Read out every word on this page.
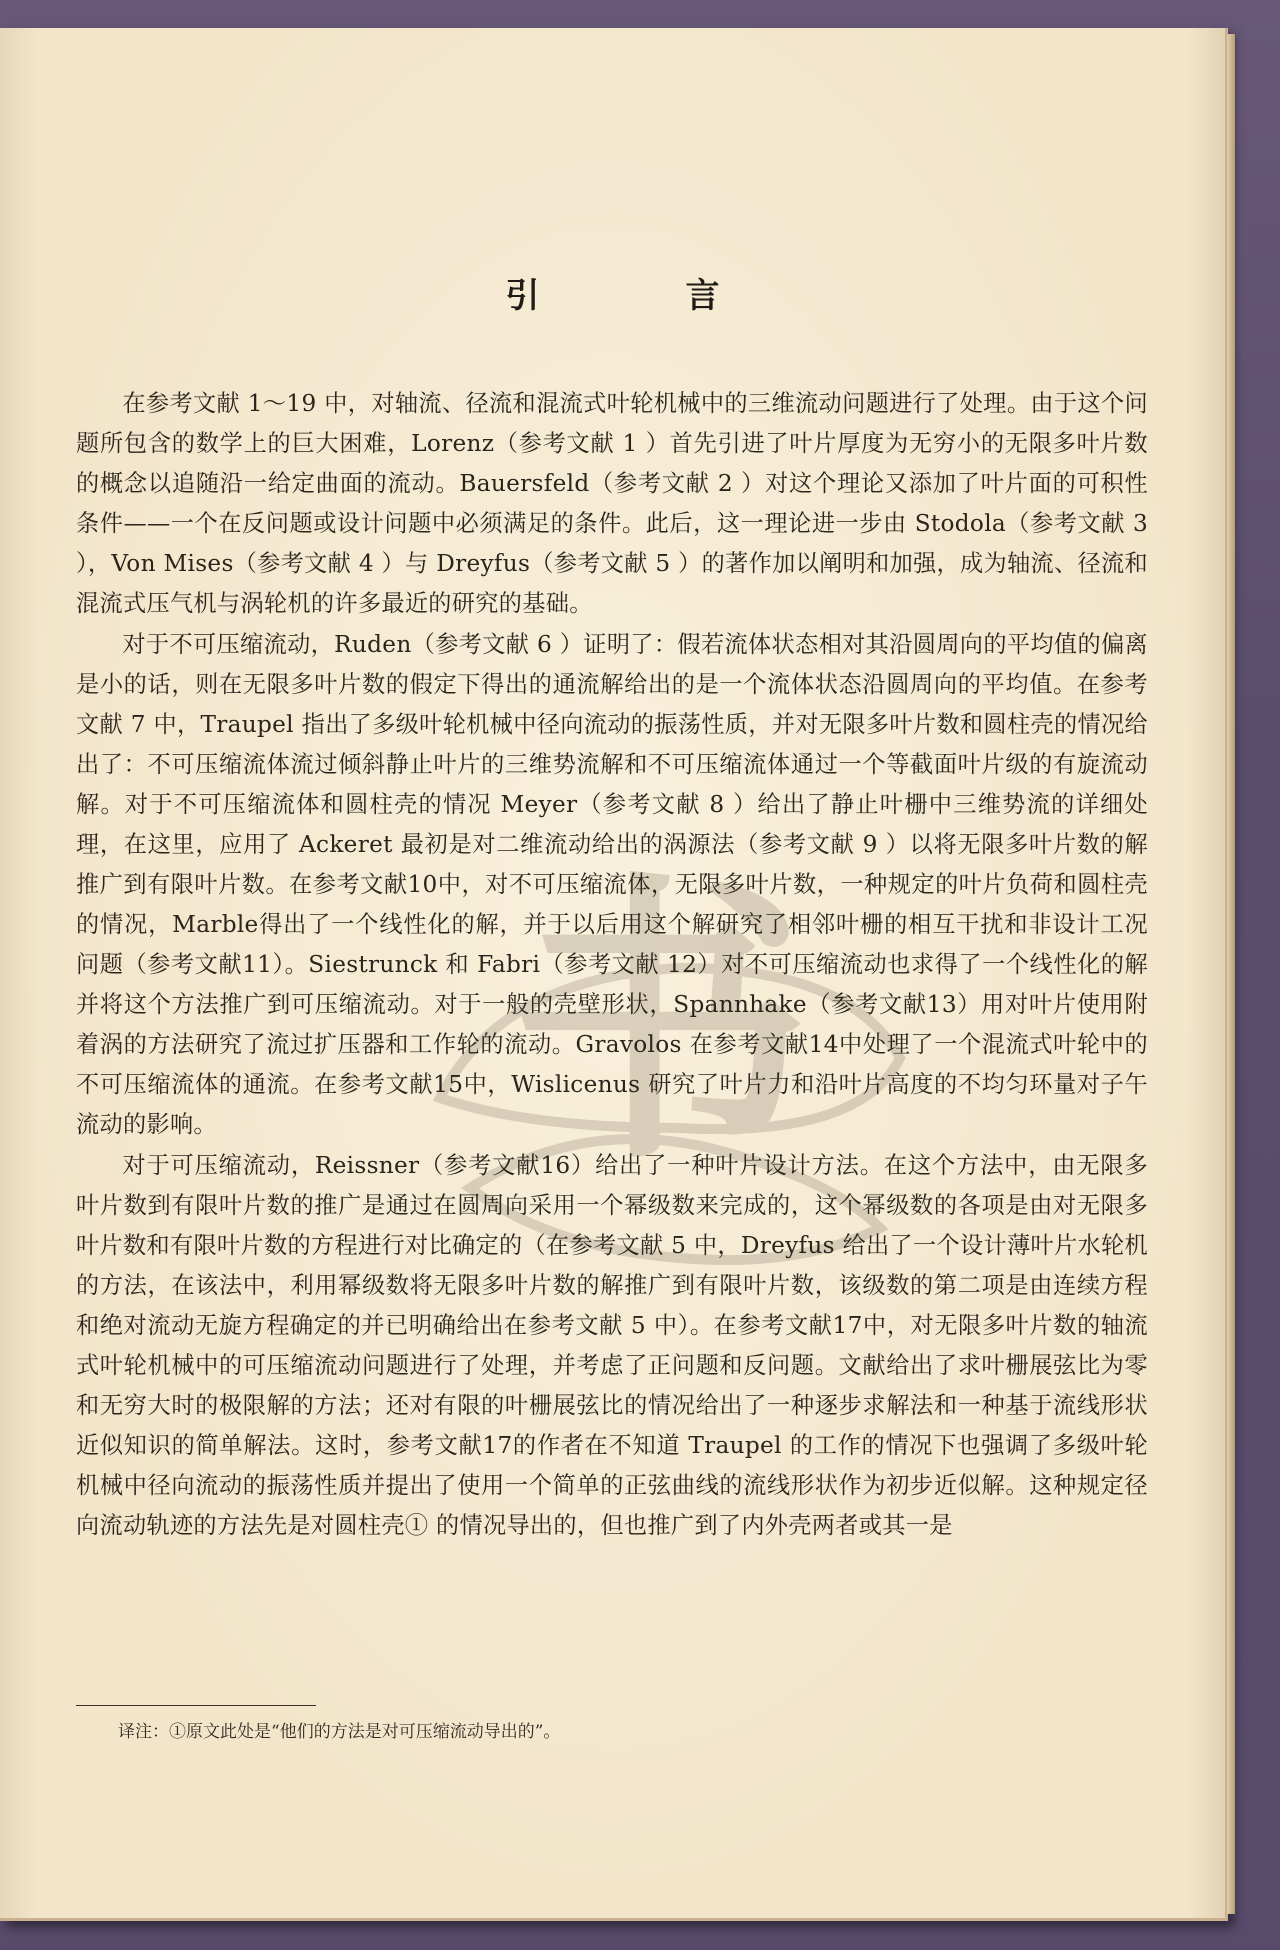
书
引　言

在参考文献 1～19 中，对轴流、径流和混流式叶轮机械中的三维流动问题进行了处理。由于这个问题所包含的数学上的巨大困难，Lorenz（参考文献 1 ）首先引进了叶片厚度为无穷小的无限多叶片数的概念以追随沿一给定曲面的流动。Bauersfeld（参考文献 2 ）对这个理论又添加了叶片面的可积性条件——一个在反问题或设计问题中必须满足的条件。此后，这一理论进一步由 Stodola（参考文献 3 ），Von Mises（参考文献 4 ）与 Dreyfus（参考文献 5 ）的著作加以阐明和加强，成为轴流、径流和混流式压气机与涡轮机的许多最近的研究的基础。

对于不可压缩流动，Ruden（参考文献 6 ）证明了：假若流体状态相对其沿圆周向的平均值的偏离是小的话，则在无限多叶片数的假定下得出的通流解给出的是一个流体状态沿圆周向的平均值。在参考文献 7 中，Traupel 指出了多级叶轮机械中径向流动的振荡性质，并对无限多叶片数和圆柱壳的情况给出了：不可压缩流体流过倾斜静止叶片的三维势流解和不可压缩流体通过一个等截面叶片级的有旋流动解。对于不可压缩流体和圆柱壳的情况 Meyer（参考文献 8 ）给出了静止叶栅中三维势流的详细处理，在这里，应用了 Ackeret 最初是对二维流动给出的涡源法（参考文献 9 ）以将无限多叶片数的解推广到有限叶片数。在参考文献10中，对不可压缩流体，无限多叶片数，一种规定的叶片负荷和圆柱壳的情况，Marble得出了一个线性化的解，并于以后用这个解研究了相邻叶栅的相互干扰和非设计工况问题（参考文献11）。Siestrunck 和 Fabri（参考文献 12）对不可压缩流动也求得了一个线性化的解并将这个方法推广到可压缩流动。对于一般的壳壁形状，Spannhake（参考文献13）用对叶片使用附着涡的方法研究了流过扩压器和工作轮的流动。Gravolos 在参考文献14中处理了一个混流式叶轮中的不可压缩流体的通流。在参考文献15中，Wislicenus 研究了叶片力和沿叶片高度的不均匀环量对子午流动的影响。

对于可压缩流动，Reissner（参考文献16）给出了一种叶片设计方法。在这个方法中，由无限多叶片数到有限叶片数的推广是通过在圆周向采用一个幂级数来完成的，这个幂级数的各项是由对无限多叶片数和有限叶片数的方程进行对比确定的（在参考文献 5 中，Dreyfus 给出了一个设计薄叶片水轮机的方法，在该法中，利用幂级数将无限多叶片数的解推广到有限叶片数，该级数的第二项是由连续方程和绝对流动无旋方程确定的并已明确给出在参考文献 5 中）。在参考文献17中，对无限多叶片数的轴流式叶轮机械中的可压缩流动问题进行了处理，并考虑了正问题和反问题。文献给出了求叶栅展弦比为零和无穷大时的极限解的方法；还对有限的叶栅展弦比的情况给出了一种逐步求解法和一种基于流线形状近似知识的简单解法。这时，参考文献17的作者在不知道 Traupel 的工作的情况下也强调了多级叶轮机械中径向流动的振荡性质并提出了使用一个简单的正弦曲线的流线形状作为初步近似解。这种规定径向流动轨迹的方法先是对圆柱壳① 的情况导出的，但也推广到了内外壳两者或其一是

译注：①原文此处是“他们的方法是对可压缩流动导出的”。
